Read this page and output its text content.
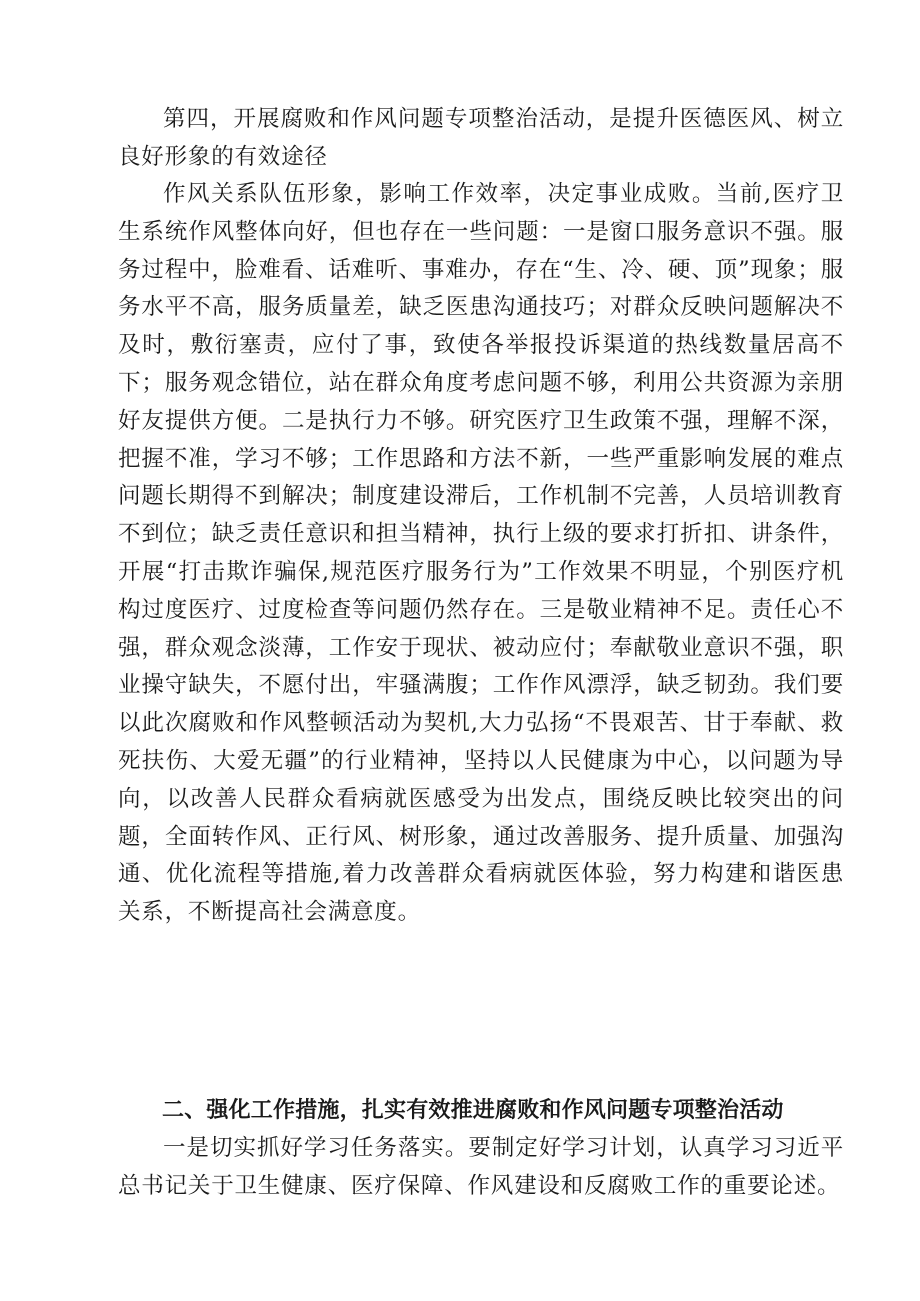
第四，开展腐败和作风问题专项整治活动，是提升医德医风、树立良好形象的有效途径

作风关系队伍形象，影响工作效率，决定事业成败。当前,医疗卫生系统作风整体向好，但也存在一些问题：一是窗口服务意识不强。服务过程中，脸难看、话难听、事难办，存在“生、冷、硬、顶”现象；服务水平不高，服务质量差，缺乏医患沟通技巧；对群众反映问题解决不及时，敷衍塞责，应付了事，致使各举报投诉渠道的热线数量居高不下；服务观念错位，站在群众角度考虑问题不够，利用公共资源为亲朋好友提供方便。二是执行力不够。研究医疗卫生政策不强，理解不深，把握不准，学习不够；工作思路和方法不新，一些严重影响发展的难点问题长期得不到解决；制度建设滞后，工作机制不完善，人员培训教育不到位；缺乏责任意识和担当精神，执行上级的要求打折扣、讲条件，开展“打击欺诈骗保,规范医疗服务行为”工作效果不明显，个别医疗机构过度医疗、过度检查等问题仍然存在。三是敬业精神不足。责任心不强，群众观念淡薄，工作安于现状、被动应付；奉献敬业意识不强，职业操守缺失，不愿付出，牢骚满腹；工作作风漂浮，缺乏韧劲。我们要以此次腐败和作风整顿活动为契机,大力弘扬“不畏艰苦、甘于奉献、救死扶伤、大爱无疆”的行业精神，坚持以人民健康为中心，以问题为导向，以改善人民群众看病就医感受为出发点，围绕反映比较突出的问题，全面转作风、正行风、树形象，通过改善服务、提升质量、加强沟通、优化流程等措施,着力改善群众看病就医体验，努力构建和谐医患关系，不断提高社会满意度。

二、强化工作措施，扎实有效推进腐败和作风问题专项整治活动

一是切实抓好学习任务落实。要制定好学习计划，认真学习习近平总书记关于卫生健康、医疗保障、作风建设和反腐败工作的重要论述。
